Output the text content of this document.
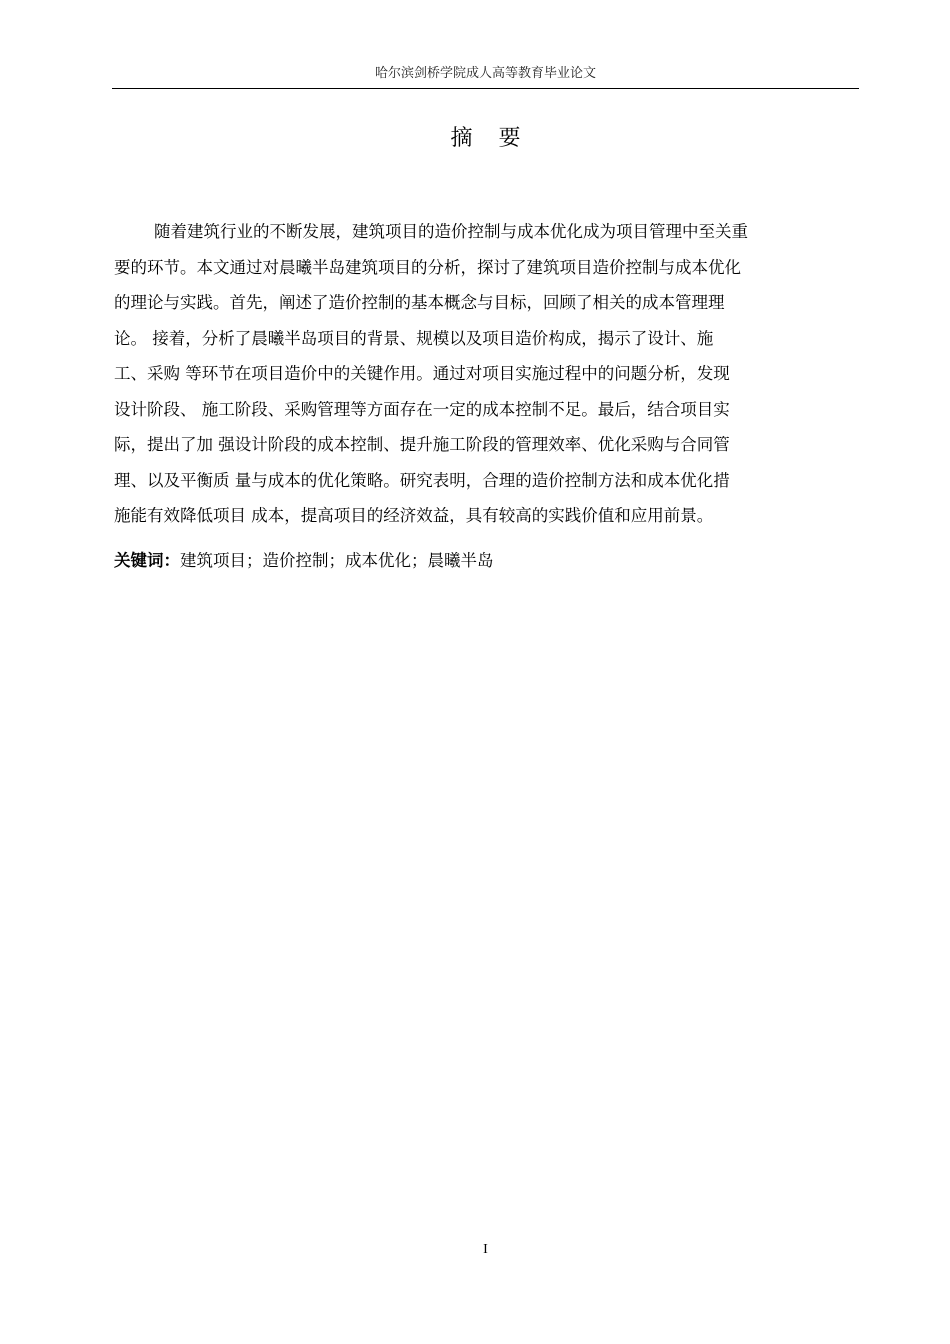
哈尔滨剑桥学院成人高等教育毕业论文
摘要
随着建筑行业的不断发展，建筑项目的造价控制与成本优化成为项目管理中至关重
要的环节。本文通过对晨曦半岛建筑项目的分析，探讨了建筑项目造价控制与成本优化
的理论与实践。首先，阐述了造价控制的基本概念与目标，回顾了相关的成本管理理
论。 接着，分析了晨曦半岛项目的背景、规模以及项目造价构成，揭示了设计、施
工、采购 等环节在项目造价中的关键作用。通过对项目实施过程中的问题分析，发现
设计阶段、 施工阶段、采购管理等方面存在一定的成本控制不足。最后，结合项目实
际，提出了加 强设计阶段的成本控制、提升施工阶段的管理效率、优化采购与合同管
理、以及平衡质 量与成本的优化策略。研究表明，合理的造价控制方法和成本优化措
施能有效降低项目 成本，提高项目的经济效益，具有较高的实践价值和应用前景。
关键词：建筑项目；造价控制；成本优化；晨曦半岛
I
